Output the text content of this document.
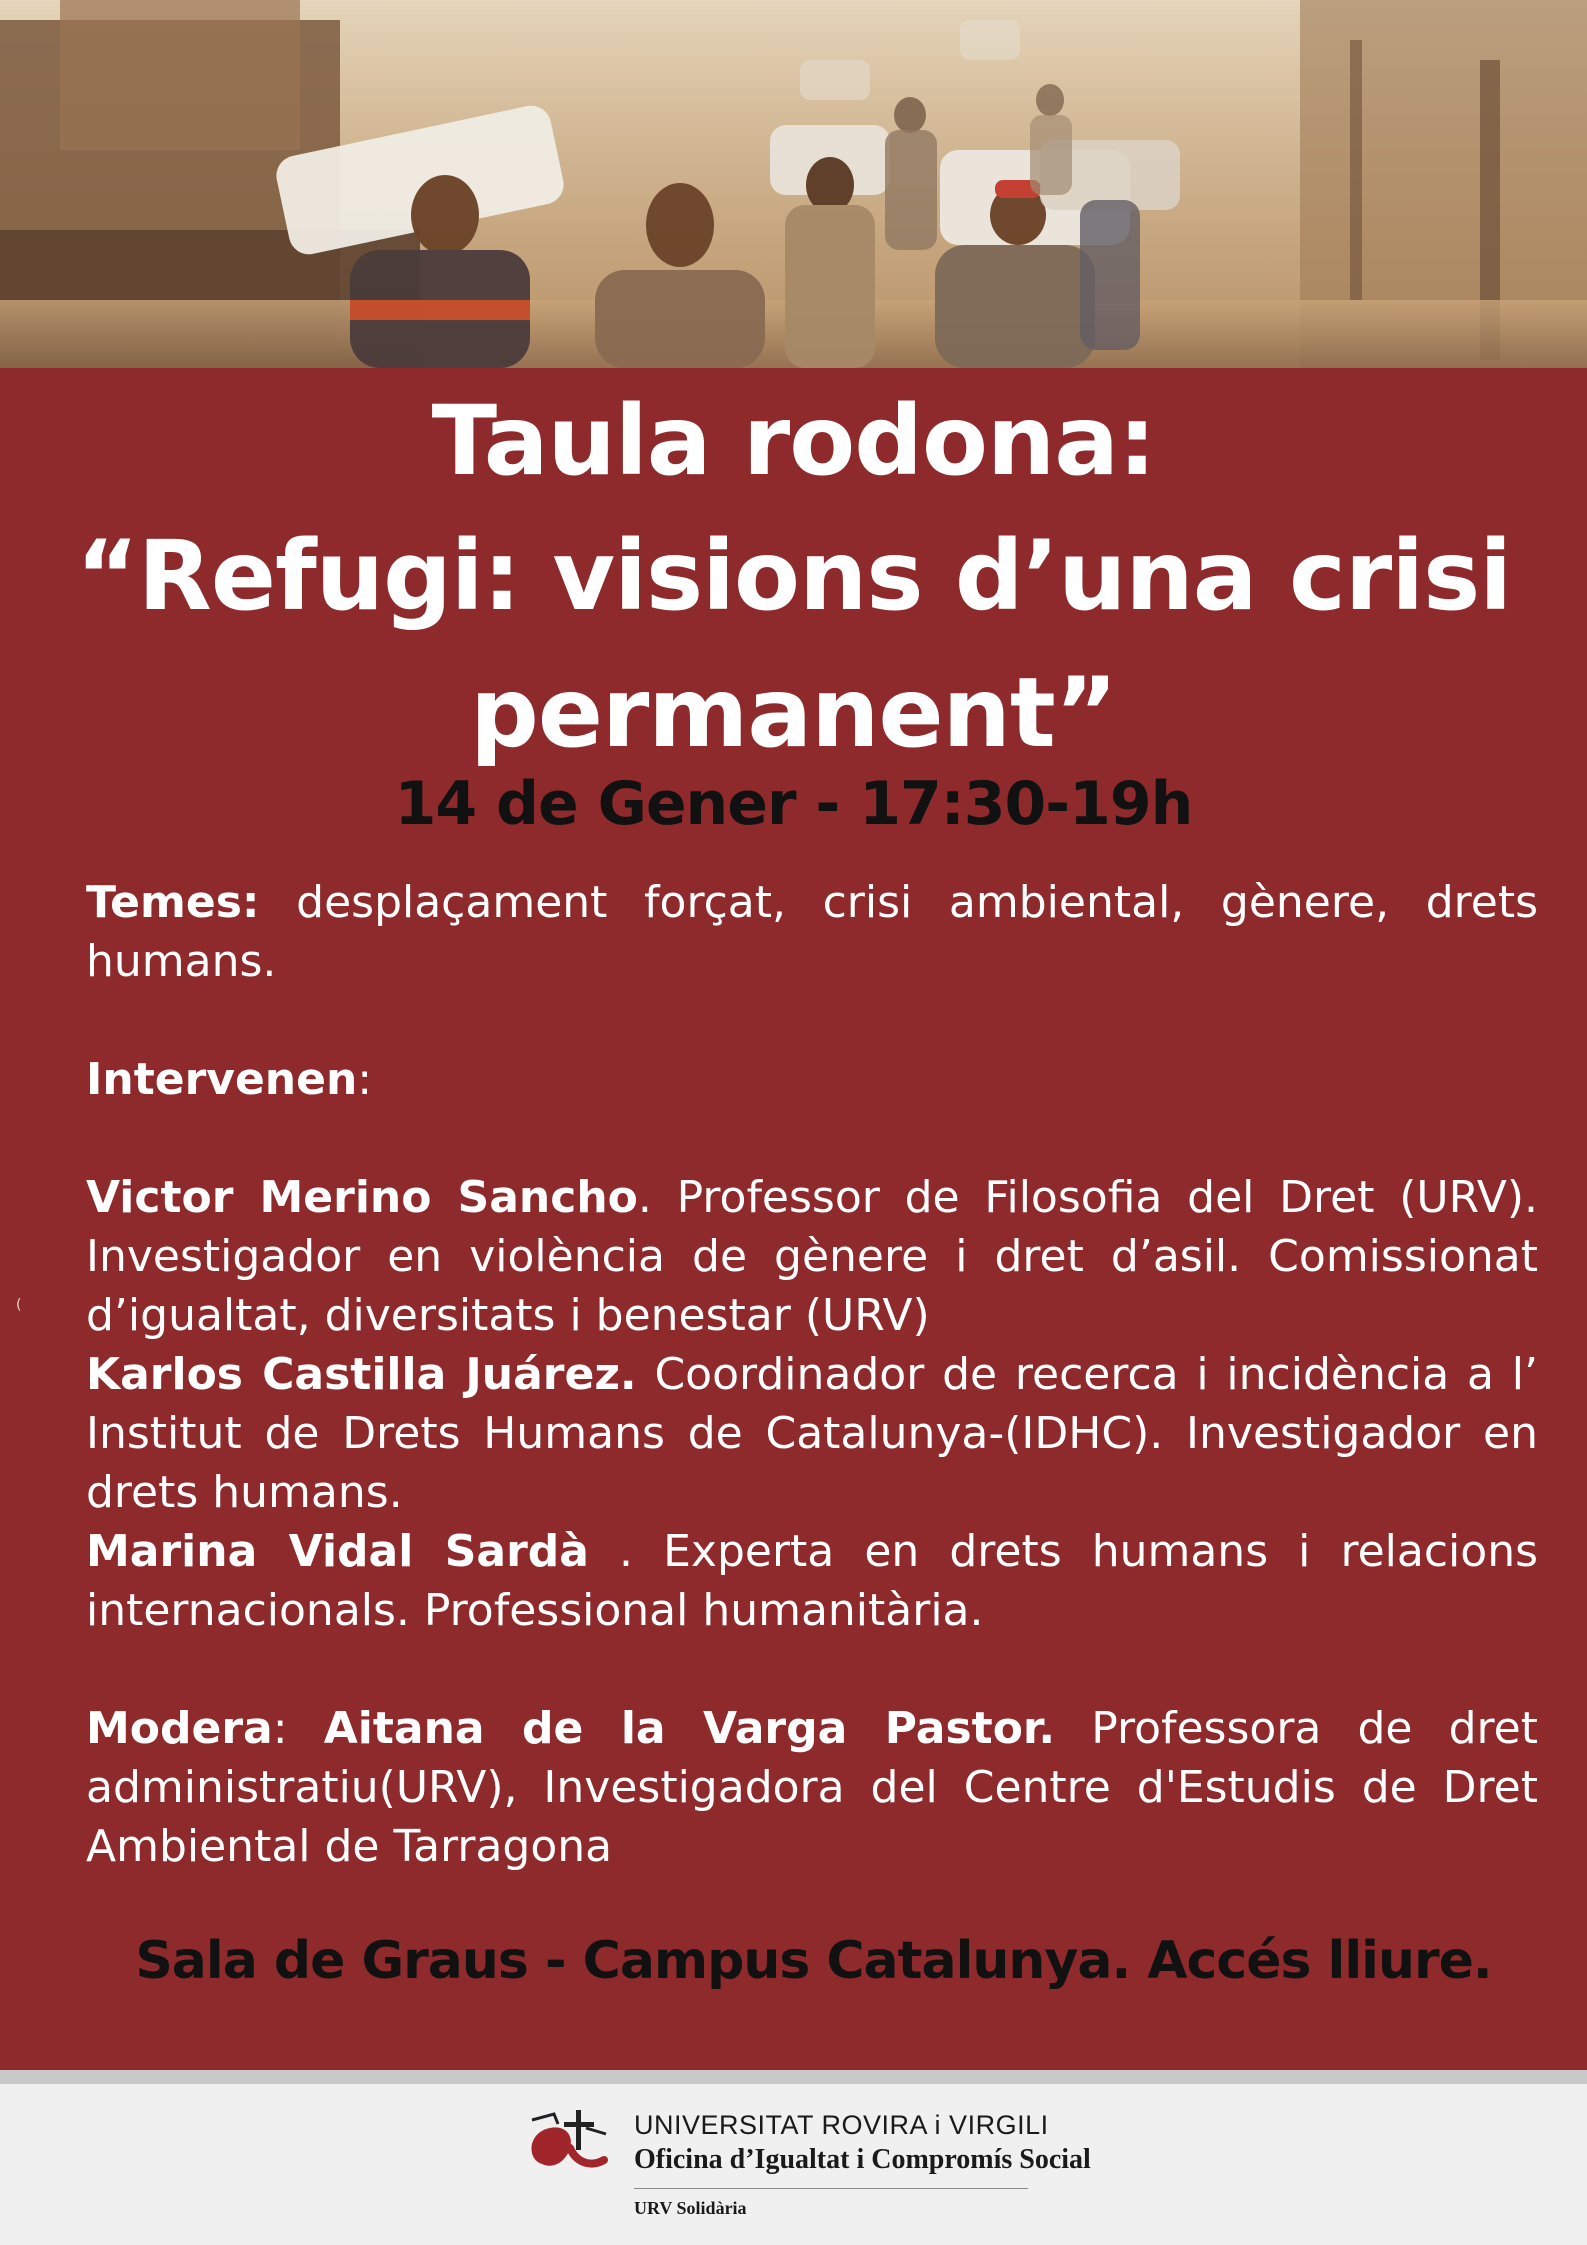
Taula rodona:
“Refugi: visions d’una crisi
permanent”
14 de Gener - 17:30-19h

Temes: desplaçament forçat, crisi ambiental, gènere, drets humans.

Intervenen:

Victor Merino Sancho. Professor de Filosofia del Dret (URV). Investigador en violència de gènere i dret d’asil. Comissionat d’igualtat, diversitats i benestar (URV)

Karlos Castilla Juárez. Coordinador de recerca i incidència a l’ Institut de Drets Humans de Catalunya-(IDHC). Investigador en drets humans.

Marina Vidal Sardà . Experta en drets humans i relacions internacionals. Professional humanitària.

Modera: Aitana de la Varga Pastor. Professora de dret administratiu(URV), Investigadora del Centre d'Estudis de Dret Ambiental de Tarragona

(
Sala de Graus - Campus Catalunya. Accés lliure.
UNIVERSITAT ROVIRA i VIRGILI
Oficina d’Igualtat i Compromís Social
URV Solidària
